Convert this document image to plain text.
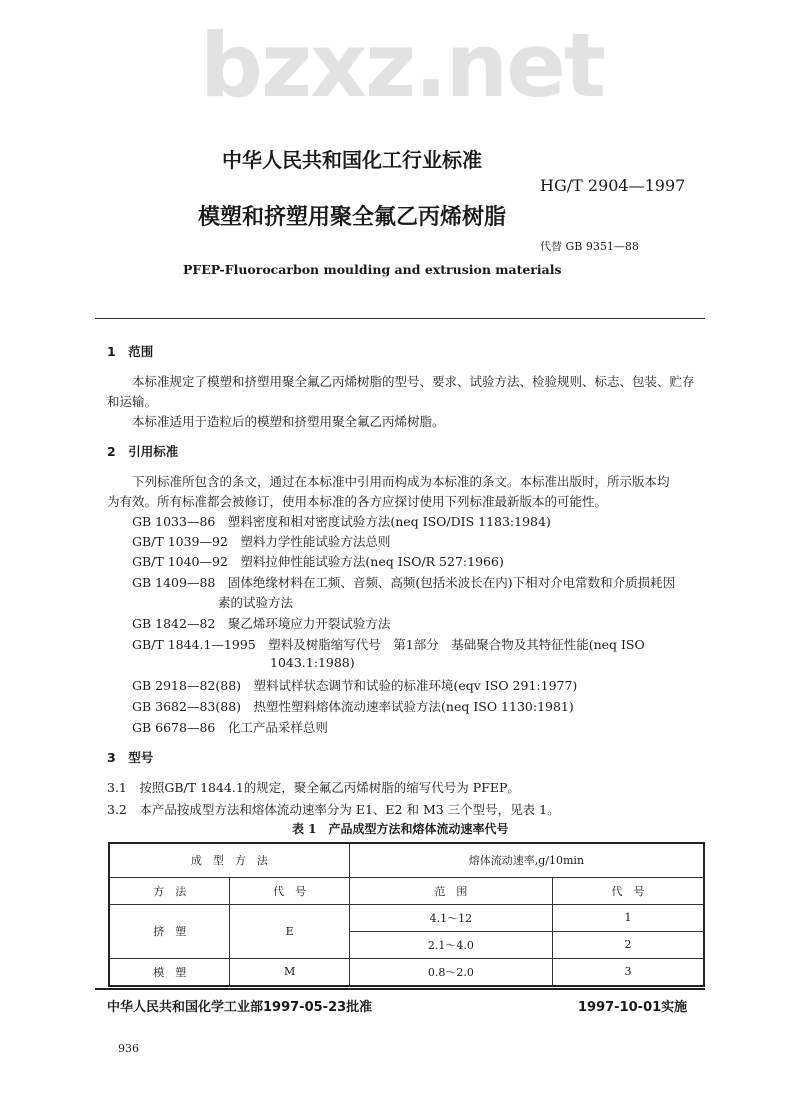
bzxz.net
中华人民共和国化工行业标准
HG/T 2904—1997
模塑和挤塑用聚全氟乙丙烯树脂
代替 GB 9351—88
PFEP-Fluorocarbon moulding and extrusion materials
1　范围
本标准规定了模塑和挤塑用聚全氟乙丙烯树脂的型号、要求、试验方法、检验规则、标志、包装、贮存
和运输。
本标准适用于造粒后的模塑和挤塑用聚全氟乙丙烯树脂。
2　引用标准
下列标准所包含的条文，通过在本标准中引用而构成为本标准的条文。本标准出版时，所示版本均
为有效。所有标准都会被修订，使用本标准的各方应探讨使用下列标准最新版本的可能性。
GB 1033—86　塑料密度和相对密度试验方法(neq ISO/DIS 1183:1984)
GB/T 1039—92　塑料力学性能试验方法总则
GB/T 1040—92　塑料拉伸性能试验方法(neq ISO/R 527:1966)
GB 1409—88　固体绝缘材料在工频、音频、高频(包括米波长在内)下相对介电常数和介质损耗因
素的试验方法
GB 1842—82　聚乙烯环境应力开裂试验方法
GB/T 1844.1—1995　塑料及树脂缩写代号　第1部分　基础聚合物及其特征性能(neq ISO
1043.1:1988)
GB 2918—82(88)　塑料试样状态调节和试验的标准环境(eqv ISO 291:1977)
GB 3682—83(88)　热塑性塑料熔体流动速率试验方法(neq ISO 1130:1981)
GB 6678—86　化工产品采样总则
3　型号
3.1　按照GB/T 1844.1的规定，聚全氟乙丙烯树脂的缩写代号为 PFEP。
3.2　本产品按成型方法和熔体流动速率分为 E1、E2 和 M3 三个型号，见表 1。
表 1　产品成型方法和熔体流动速率代号
成　型　方　法		熔体流动速率,g/10min	
方　法	代　号	范　围	代　号
挤　塑	E	4.1～12	1
		2.1～4.0	2
模　塑	M	0.8～2.0	3
中华人民共和国化学工业部1997-05-23批准	1997-10-01实施
936
